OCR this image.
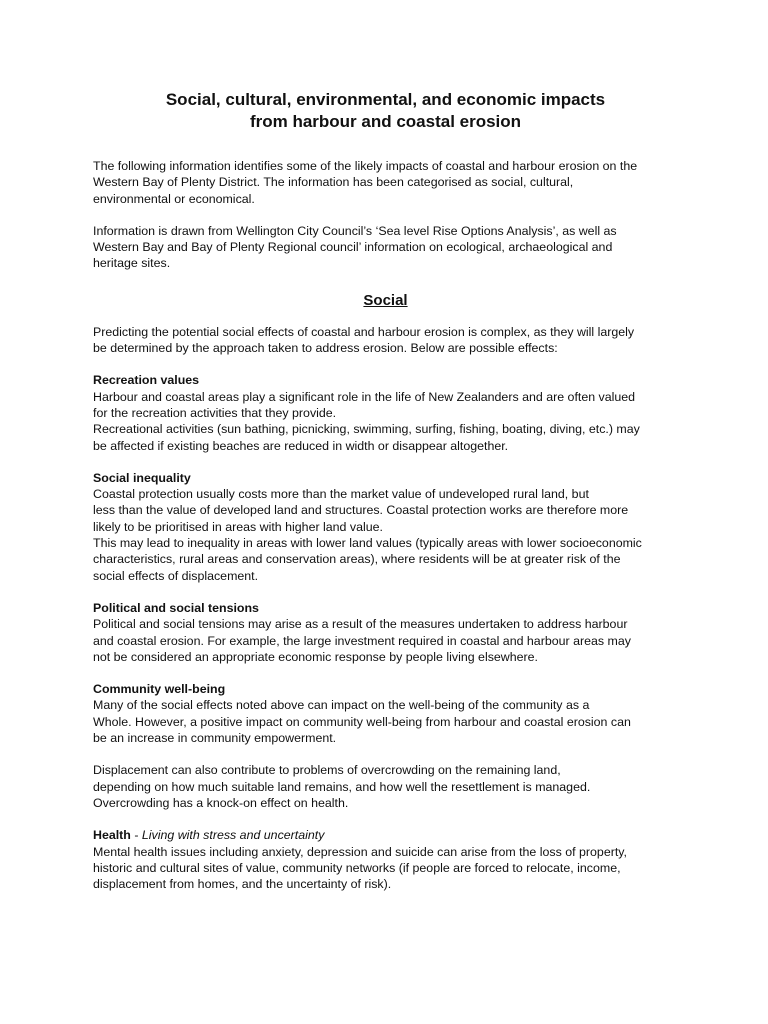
Social, cultural, environmental, and economic impacts
from harbour and coastal erosion

The following information identifies some of the likely impacts of coastal and harbour erosion on the
Western Bay of Plenty District. The information has been categorised as social, cultural,
environmental or economical.

Information is drawn from Wellington City Council’s ‘Sea level Rise Options Analysis’, as well as
Western Bay and Bay of Plenty Regional council’ information on ecological, archaeological and
heritage sites.

Social

Predicting the potential social effects of coastal and harbour erosion is complex, as they will largely
be determined by the approach taken to address erosion. Below are possible effects:

Recreation values
Harbour and coastal areas play a significant role in the life of New Zealanders and are often valued
for the recreation activities that they provide.
Recreational activities (sun bathing, picnicking, swimming, surfing, fishing, boating, diving, etc.) may
be affected if existing beaches are reduced in width or disappear altogether.

Social inequality
Coastal protection usually costs more than the market value of undeveloped rural land, but
less than the value of developed land and structures. Coastal protection works are therefore more
likely to be prioritised in areas with higher land value.
This may lead to inequality in areas with lower land values (typically areas with lower socioeconomic
characteristics, rural areas and conservation areas), where residents will be at greater risk of the
social effects of displacement.

Political and social tensions
Political and social tensions may arise as a result of the measures undertaken to address harbour
and coastal erosion. For example, the large investment required in coastal and harbour areas may
not be considered an appropriate economic response by people living elsewhere.

Community well-being
Many of the social effects noted above can impact on the well-being of the community as a
Whole. However, a positive impact on community well-being from harbour and coastal erosion can
be an increase in community empowerment.

Displacement can also contribute to problems of overcrowding on the remaining land,
depending on how much suitable land remains, and how well the resettlement is managed.
Overcrowding has a knock-on effect on health.

Health - Living with stress and uncertainty
Mental health issues including anxiety, depression and suicide can arise from the loss of property,
historic and cultural sites of value, community networks (if people are forced to relocate, income,
displacement from homes, and the uncertainty of risk).
